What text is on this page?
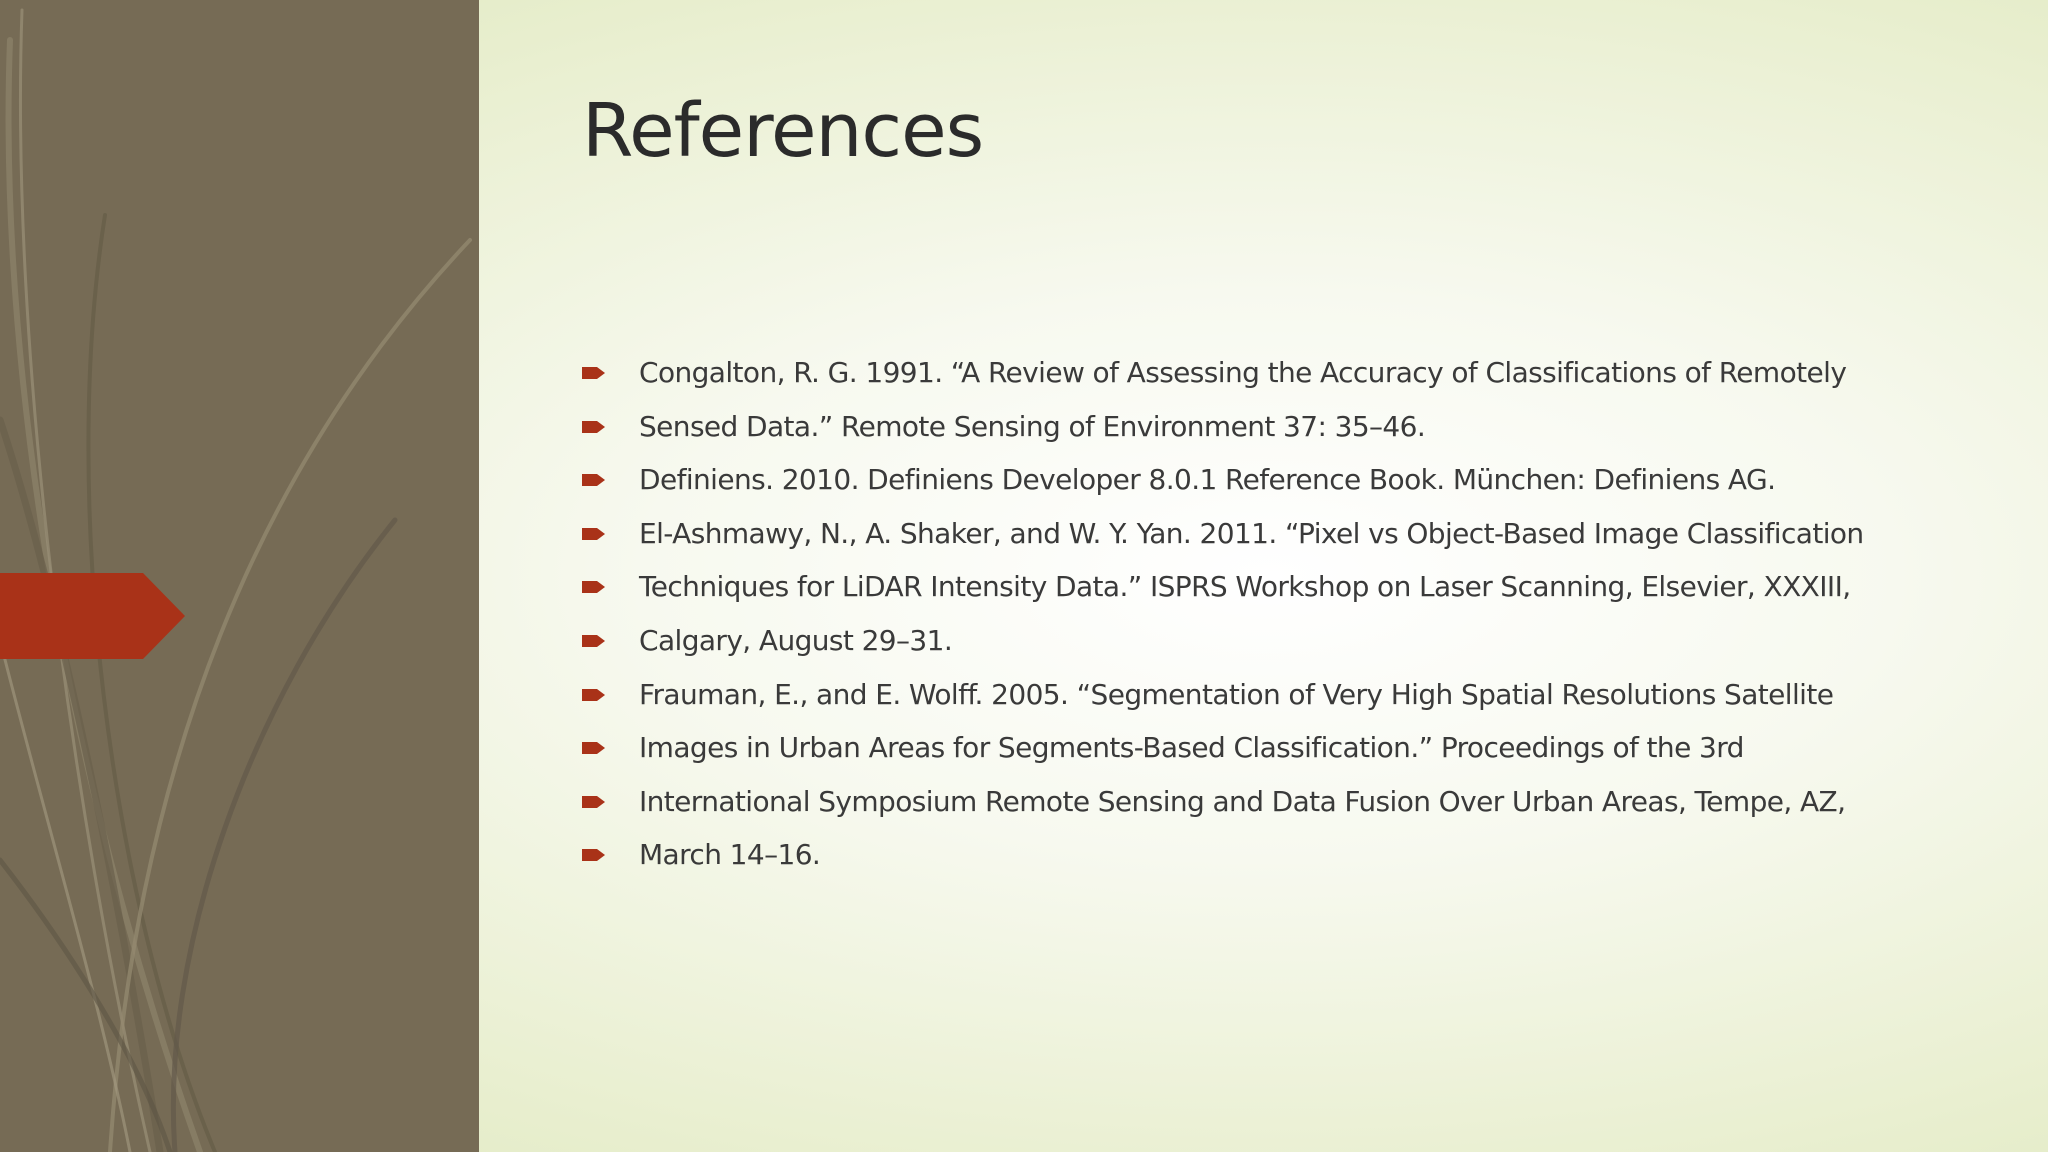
References
Congalton, R. G. 1991. “A Review of Assessing the Accuracy of Classifications of Remotely
Sensed Data.” Remote Sensing of Environment 37: 35–46.
Definiens. 2010. Definiens Developer 8.0.1 Reference Book. München: Definiens AG.
El-Ashmawy, N., A. Shaker, and W. Y. Yan. 2011. “Pixel vs Object-Based Image Classification
Techniques for LiDAR Intensity Data.” ISPRS Workshop on Laser Scanning, Elsevier, XXXIII,
Calgary, August 29–31.
Frauman, E., and E. Wolff. 2005. “Segmentation of Very High Spatial Resolutions Satellite
Images in Urban Areas for Segments-Based Classification.” Proceedings of the 3rd
International Symposium Remote Sensing and Data Fusion Over Urban Areas, Tempe, AZ,
March 14–16.
